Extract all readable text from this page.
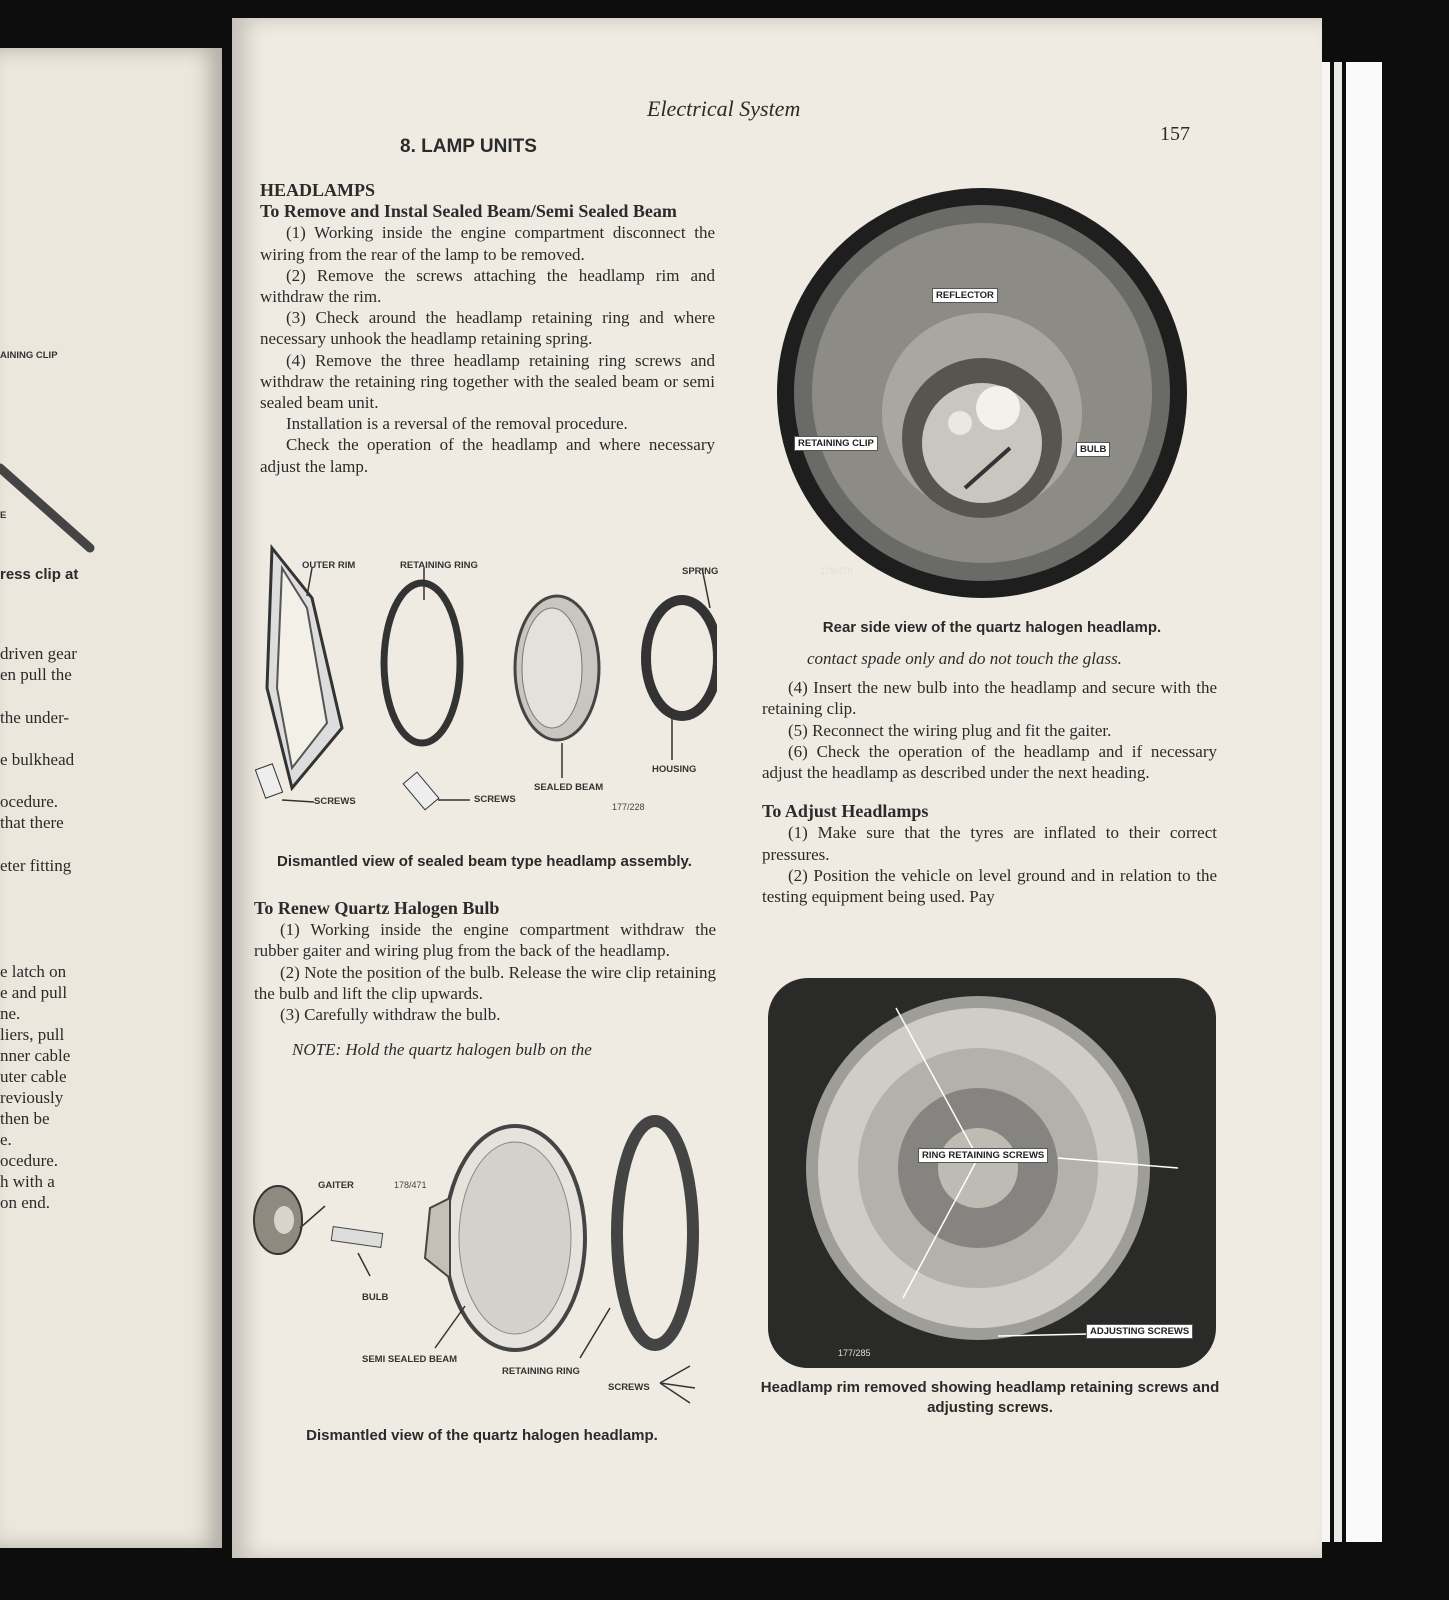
AINING CLIP
E
ress clip at
driven gear
en pull the
the under-
e bulkhead
ocedure.
that there
eter fitting
e latch on
e and pull
ne.
liers, pull
nner cable
uter cable
reviously
then be
e.
ocedure.
h with a
on end.
Electrical System
157
8. LAMP UNITS
HEADLAMPS
To Remove and Instal Sealed Beam/Semi Sealed Beam
(1) Working inside the engine compartment disconnect the wiring from the rear of the lamp to be removed.
(2) Remove the screws attaching the headlamp rim and withdraw the rim.
(3) Check around the headlamp retaining ring and where necessary unhook the headlamp retaining spring.
(4) Remove the three headlamp retaining ring screws and withdraw the retaining ring together with the sealed beam or semi sealed beam unit.
Installation is a reversal of the removal procedure.
Check the operation of the headlamp and where necessary adjust the lamp.
OUTER RIM	RETAINING RING
SPRING
SCREWS	SCREWS
SEALED BEAM
HOUSING
177/228
Dismantled view of sealed beam type headlamp assembly.
To Renew Quartz Halogen Bulb
(1) Working inside the engine compartment withdraw the rubber gaiter and wiring plug from the back of the headlamp.
(2) Note the position of the bulb. Release the wire clip retaining the bulb and lift the clip upwards.
(3) Carefully withdraw the bulb.
NOTE: Hold the quartz halogen bulb on the
GAITER	178/471
BULB
SEMI SEALED BEAM
RETAINING RING
SCREWS
Dismantled view of the quartz halogen headlamp.
REFLECTOR
RETAINING CLIP
BULB
178/470
Rear side view of the quartz halogen headlamp.
contact spade only and do not touch the glass.
(4) Insert the new bulb into the headlamp and secure with the retaining clip.
(5) Reconnect the wiring plug and fit the gaiter.
(6) Check the operation of the headlamp and if necessary adjust the headlamp as described under the next heading.
To Adjust Headlamps
(1) Make sure that the tyres are inflated to their correct pressures.
(2) Position the vehicle on level ground and in relation to the testing equipment being used. Pay
RING RETAINING SCREWS
ADJUSTING SCREWS
177/285
Headlamp rim removed showing headlamp retaining screws and adjusting screws.
